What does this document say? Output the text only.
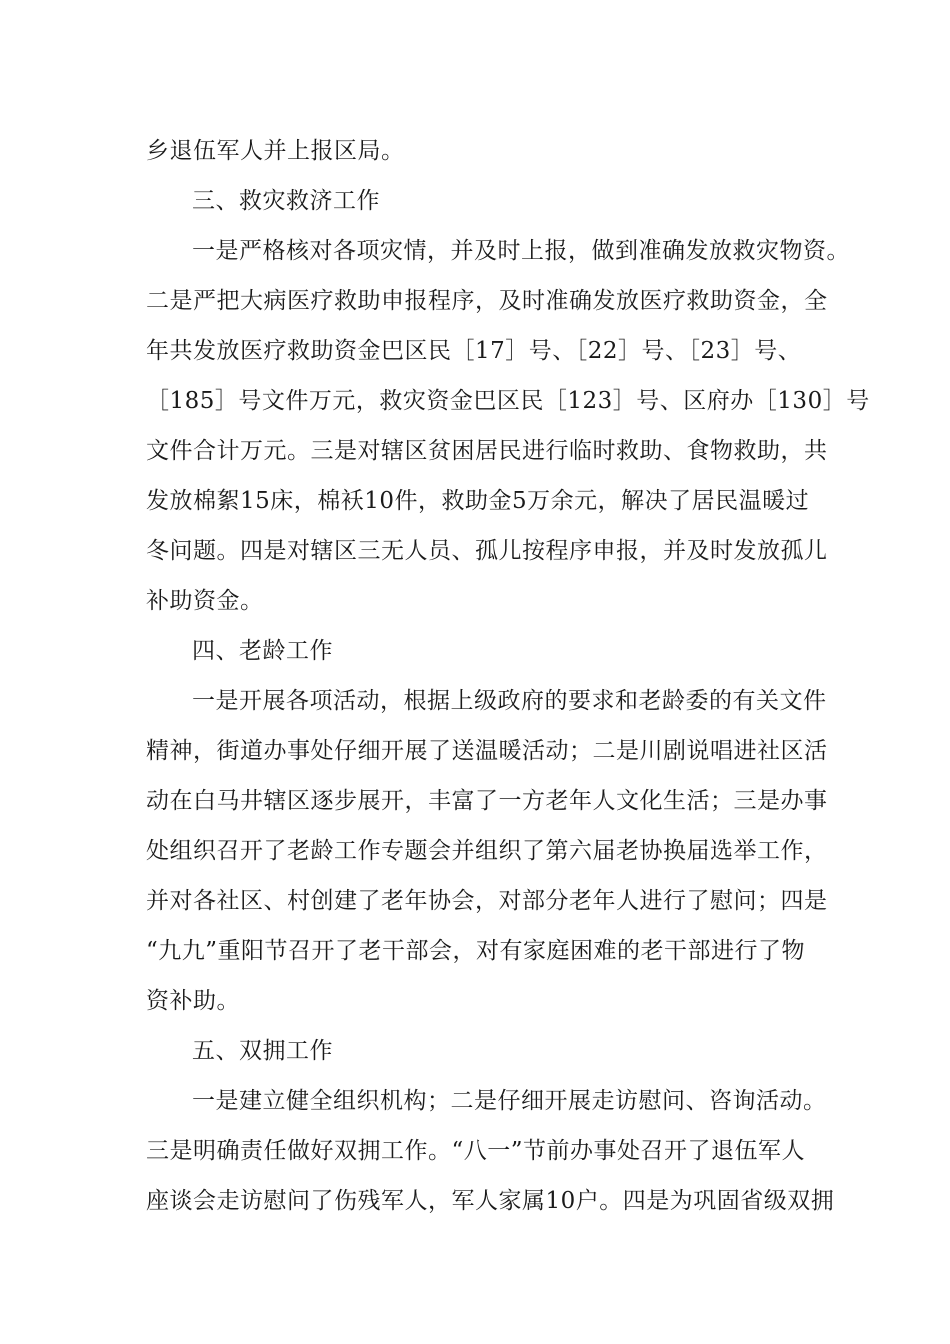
乡退伍军人并上报区局。
三、救灾救济工作
一是严格核对各项灾情，并及时上报，做到准确发放救灾物资。
二是严把大病医疗救助申报程序，及时准确发放医疗救助资金，全
年共发放医疗救助资金巴区民［17］号、［22］号、［23］号、
［185］号文件万元，救灾资金巴区民［123］号、区府办［130］号
文件合计万元。三是对辖区贫困居民进行临时救助、食物救助，共
发放棉絮15床，棉袄10件，救助金5万余元，解决了居民温暖过
冬问题。四是对辖区三无人员、孤儿按程序申报，并及时发放孤儿
补助资金。
四、老龄工作
一是开展各项活动，根据上级政府的要求和老龄委的有关文件
精神，街道办事处仔细开展了送温暖活动；二是川剧说唱进社区活
动在白马井辖区逐步展开，丰富了一方老年人文化生活；三是办事
处组织召开了老龄工作专题会并组织了第六届老协换届选举工作，
并对各社区、村创建了老年协会，对部分老年人进行了慰问；四是
“九九”重阳节召开了老干部会，对有家庭困难的老干部进行了物
资补助。
五、双拥工作
一是建立健全组织机构；二是仔细开展走访慰问、咨询活动。
三是明确责任做好双拥工作。“八一”节前办事处召开了退伍军人
座谈会走访慰问了伤残军人，军人家属10户。四是为巩固省级双拥
